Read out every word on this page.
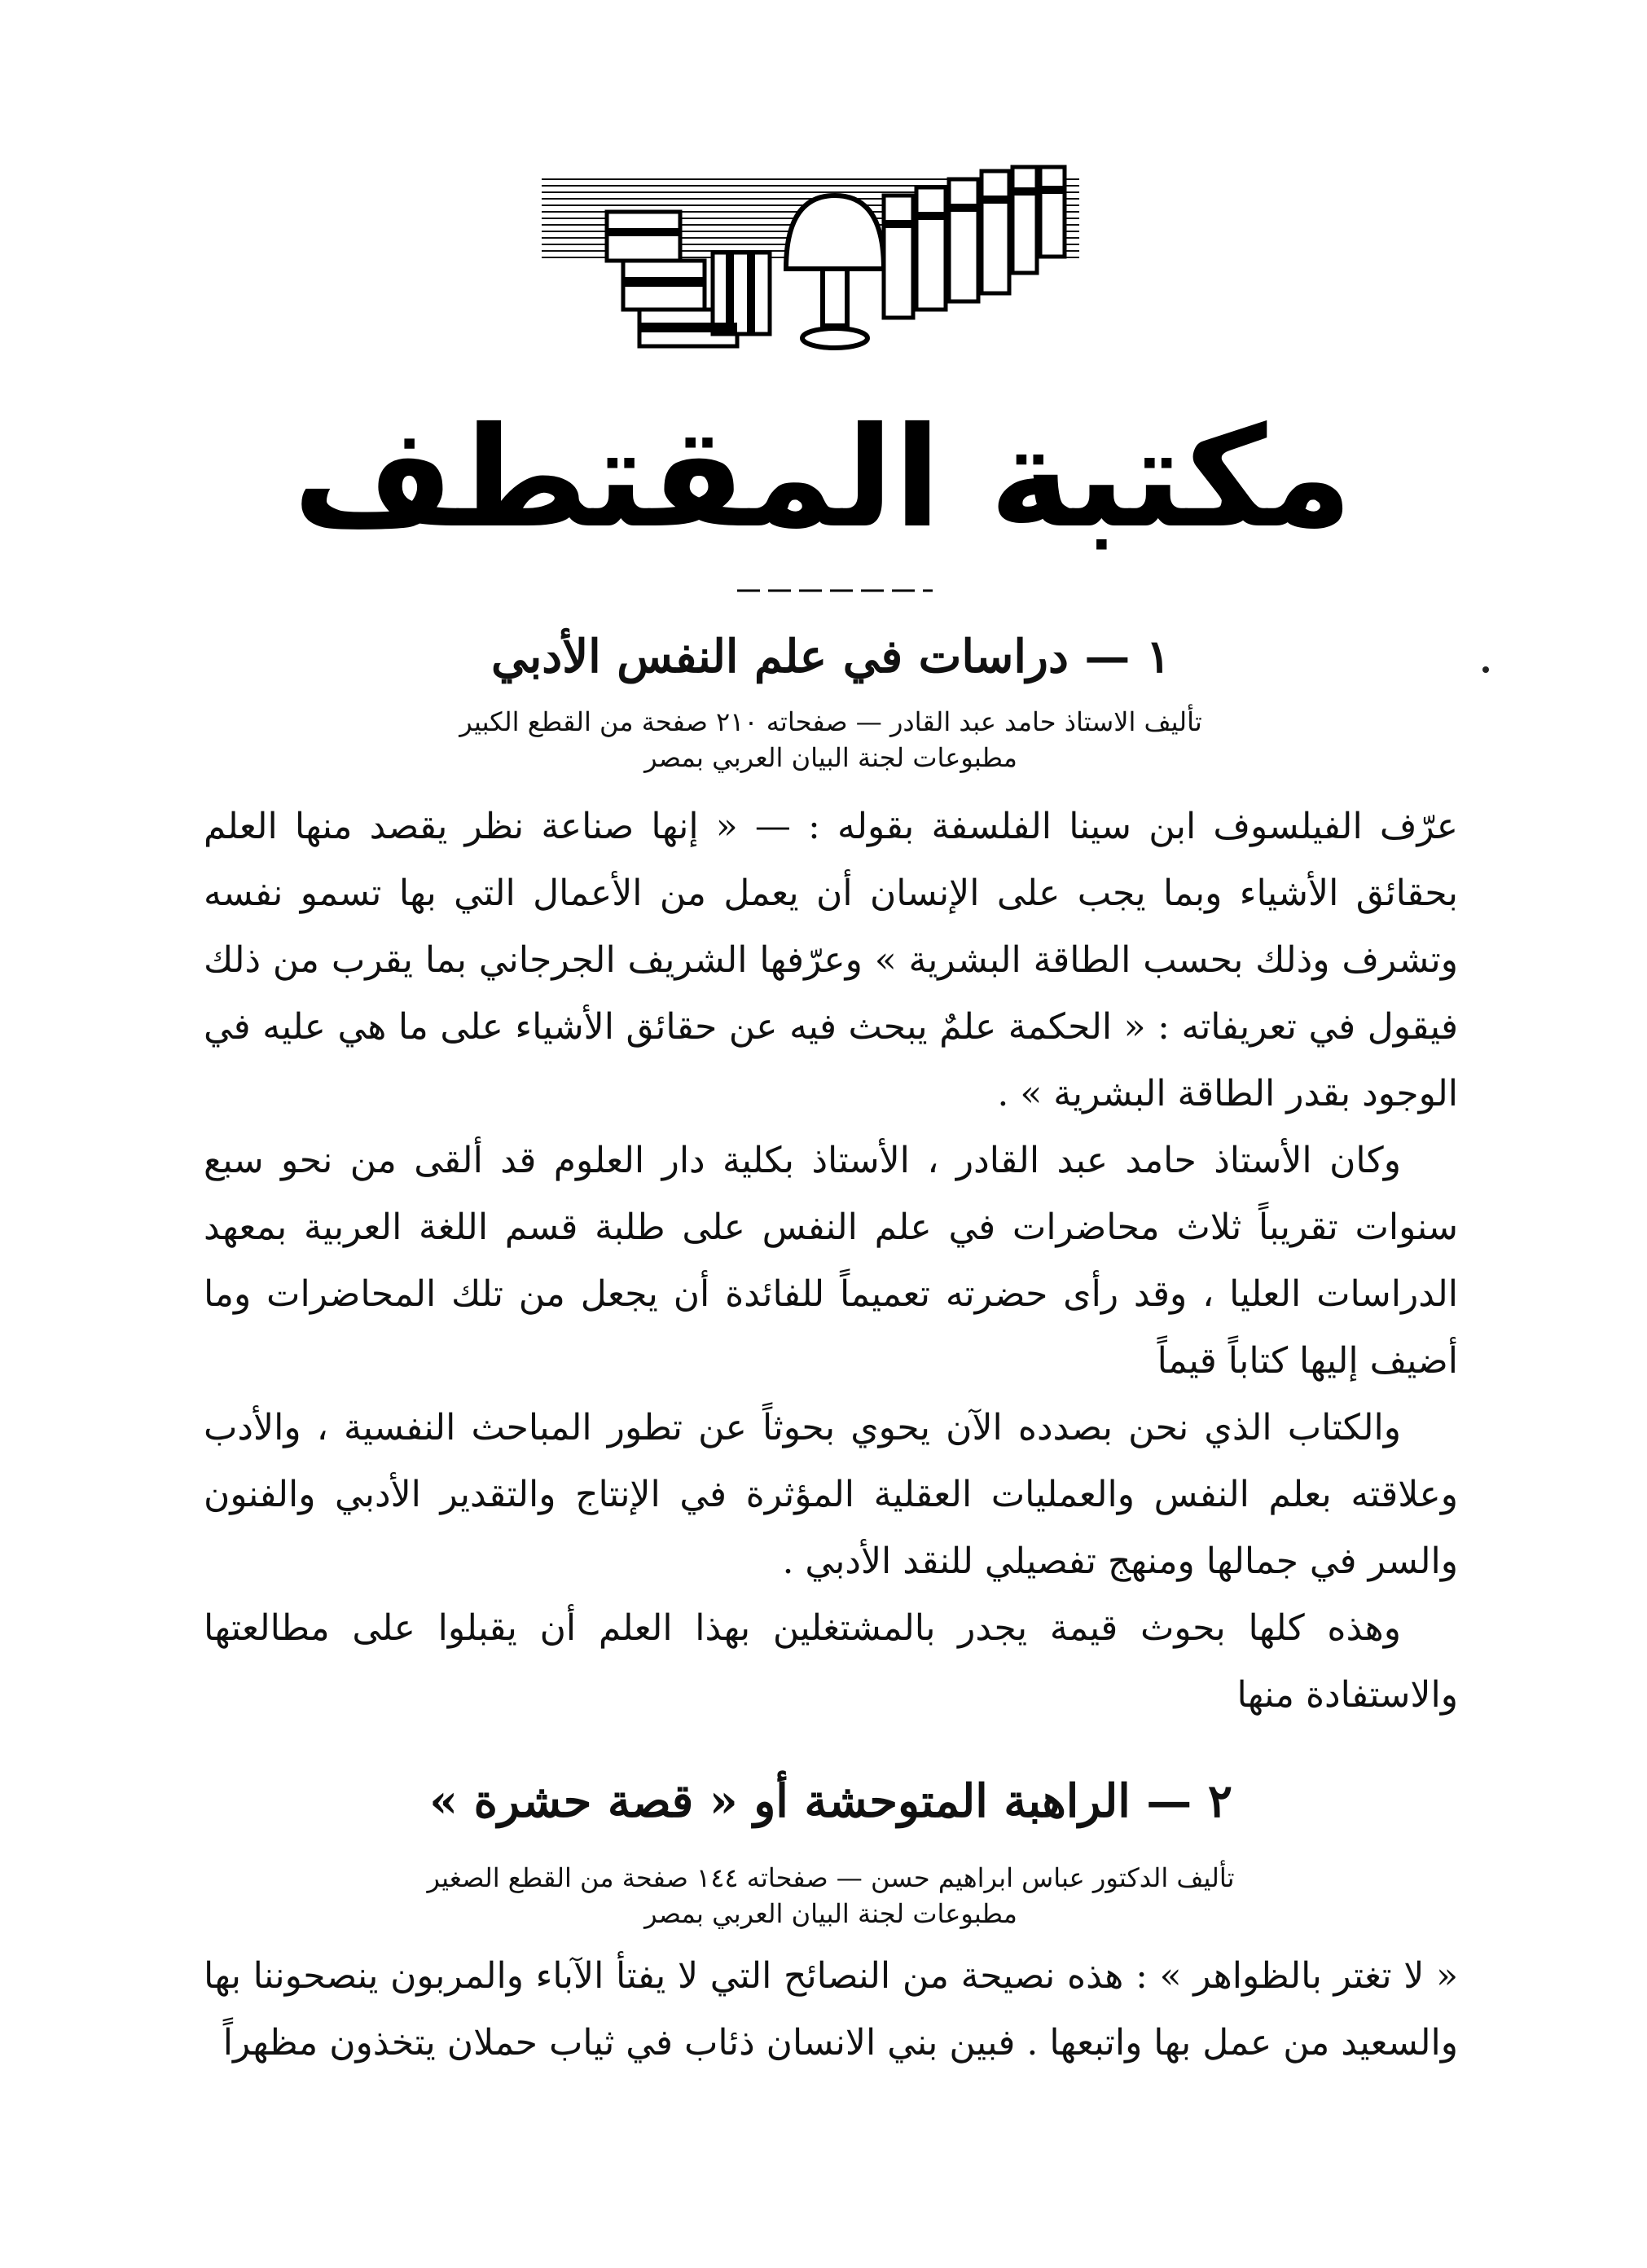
مكتبة المقتطف
١ — دراسات في علم النفس الأدبي
تأليف الاستاذ حامد عبد القادر — صفحاته ٢١٠ صفحة من القطع الكبير
مطبوعات لجنة البيان العربي بمصر

عرّف الفيلسوف ابن سينا الفلسفة بقوله : — « إنها صناعة نظر يقصد منها العلم بحقائق الأشياء وبما يجب على الإنسان أن يعمل من الأعمال التي بها تسمو نفسه وتشرف وذلك بحسب الطاقة البشرية » وعرّفها الشريف الجرجاني بما يقرب من ذلك فيقول في تعريفاته : « الحكمة علمٌ يبحث فيه عن حقائق الأشياء على ما هي عليه في الوجود بقدر الطاقة البشرية » .

وكان الأستاذ حامد عبد القادر ، الأستاذ بكلية دار العلوم قد ألقى من نحو سبع سنوات تقريباً ثلاث محاضرات في علم النفس على طلبة قسم اللغة العربية بمعهد الدراسات العليا ، وقد رأى حضرته تعميماً للفائدة أن يجعل من تلك المحاضرات وما أضيف إليها كتاباً قيماً

والكتاب الذي نحن بصدده الآن يحوي بحوثاً عن تطور المباحث النفسية ، والأدب وعلاقته بعلم النفس والعمليات العقلية المؤثرة في الإنتاج والتقدير الأدبي والفنون والسر في جمالها ومنهج تفصيلي للنقد الأدبي .

وهذه كلها بحوث قيمة يجدر بالمشتغلين بهذا العلم أن يقبلوا على مطالعتها والاستفادة منها

٢ — الراهبة المتوحشة أو « قصة حشرة »
تأليف الدكتور عباس ابراهيم حسن — صفحاته ١٤٤ صفحة من القطع الصغير
مطبوعات لجنة البيان العربي بمصر

« لا تغتر بالظواهر » : هذه نصيحة من النصائح التي لا يفتأ الآباء والمربون ينصحوننا بها والسعيد من عمل بها واتبعها . فبين بني الانسان ذئاب في ثياب حملان يتخذون مظهراً
